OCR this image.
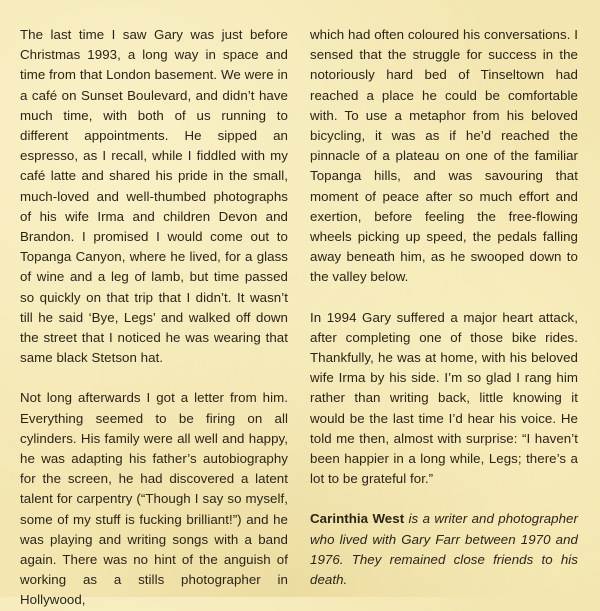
The last time I saw Gary was just before Christmas 1993, a long way in space and time from that London basement. We were in a café on Sunset Boulevard, and didn’t have much time, with both of us running to different appointments. He sipped an espresso, as I recall, while I fiddled with my café latte and shared his pride in the small, much-loved and well-thumbed photographs of his wife Irma and children Devon and Brandon. I promised I would come out to Topanga Canyon, where he lived, for a glass of wine and a leg of lamb, but time passed so quickly on that trip that I didn’t. It wasn’t till he said ‘Bye, Legs’ and walked off down the street that I noticed he was wearing that same black Stetson hat.

Not long afterwards I got a letter from him. Everything seemed to be firing on all cylinders. His family were all well and happy, he was adapting his father’s autobiography for the screen, he had discovered a latent talent for carpentry (“Though I say so myself, some of my stuff is fucking brilliant!”) and he was playing and writing songs with a band again. There was no hint of the anguish of working as a stills photographer in Hollywood,

which had often coloured his conversations. I sensed that the struggle for success in the notoriously hard bed of Tinseltown had reached a place he could be comfortable with. To use a metaphor from his beloved bicycling, it was as if he’d reached the pinnacle of a plateau on one of the familiar Topanga hills, and was savouring that moment of peace after so much effort and exertion, before feeling the free-flowing wheels picking up speed, the pedals falling away beneath him, as he swooped down to the valley below.

In 1994 Gary suffered a major heart attack, after completing one of those bike rides. Thankfully, he was at home, with his beloved wife Irma by his side. I’m so glad I rang him rather than writing back, little knowing it would be the last time I’d hear his voice. He told me then, almost with surprise: “I haven’t been happier in a long while, Legs; there’s a lot to be grateful for.”

Carinthia West is a writer and photographer who lived with Gary Farr between 1970 and 1976. They remained close friends to his death.
